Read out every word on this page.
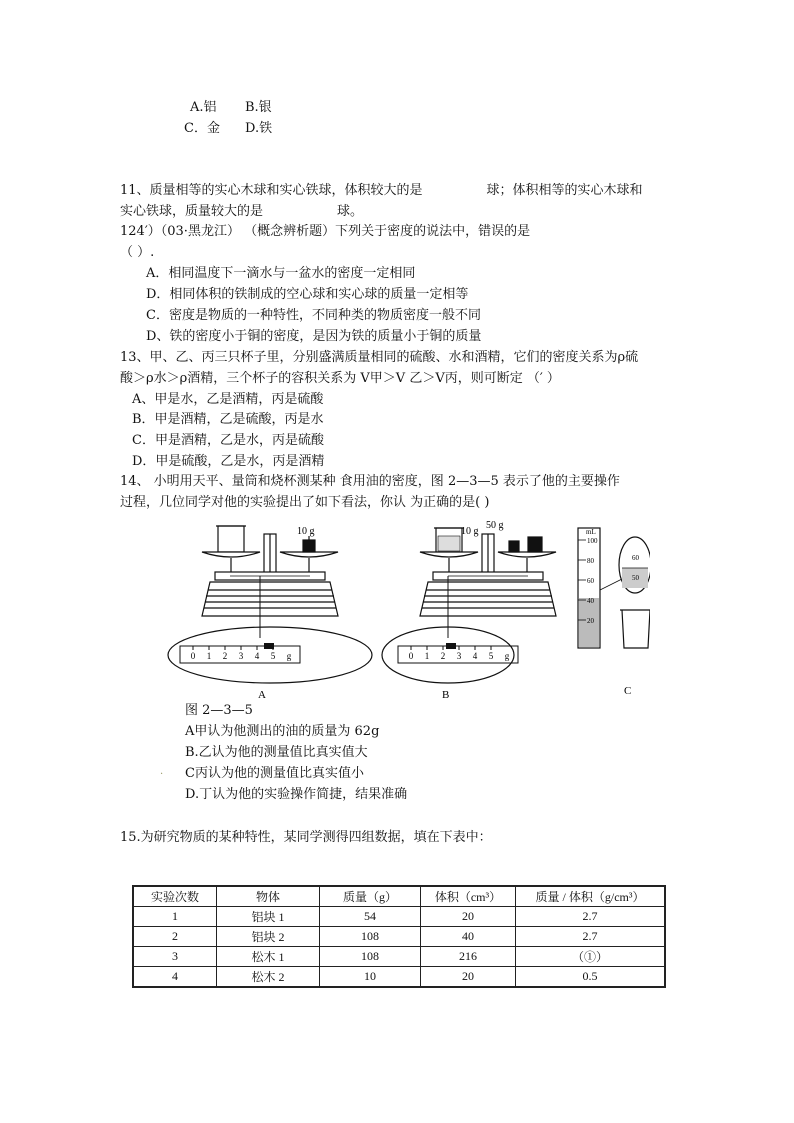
A.铝 B.银
C．金 D.铁
11、质量相等的实心木球和实心铁球，体积较大的是	球；体积相等的实心木球和
实心铁球，质量较大的是	球。
124′）（03·黑龙江） （概念辨析题）下列关于密度的说法中，错误的是
（ ）.
A．相同温度下一滴水与一盆水的密度一定相同
D．相同体积的铁制成的空心球和实心球的质量一定相等
C．密度是物质的一种特性，不同种类的物质密度一般不同
D、铁的密度小于铜的密度，是因为铁的质量小于铜的质量
13、甲、乙、丙三只杯子里，分别盛满质量相同的硫酸、水和酒精，它们的密度关系为ρ硫
酸＞ρ水＞ρ酒精，三个杯子的容积关系为 V甲＞V 乙＞V丙，则可断定 （′ ）
A、甲是水，乙是酒精，丙是硫酸
B．甲是酒精，乙是硫酸，丙是水
C．甲是酒精，乙是水，丙是硫酸
D．甲是硫酸，乙是水，丙是酒精
14、 小明用天平、量筒和烧杯测某种 食用油的密度，图 2—3—5 表示了他的主要操作
过程，几位同学对他的实验提出了如下看法，你认 为正确的是( )
10 g
0 1 2 3 4 5 g
A
10 g
50 g
0 1 2 3 4 5 g
B
mL
100
80
60
40
20
60
50
C
图 2—3—5
A甲认为他测出的油的质量为 62g
B.乙认为他的测量值比真实值大
. C丙认为他的测量值比真实值小
D.丁认为他的实验操作简捷，结果准确
15.为研究物质的某种特性，某同学测得四组数据，填在下表中：
实验次数	物体	质量（g）	体积（cm³）	质量 / 体积（g/cm³）
1	铝块 1	54	20	2.7
2	铝块 2	108	40	2.7
3	松木 1	108	216	（①）
4	松木 2	10	20	0.5
